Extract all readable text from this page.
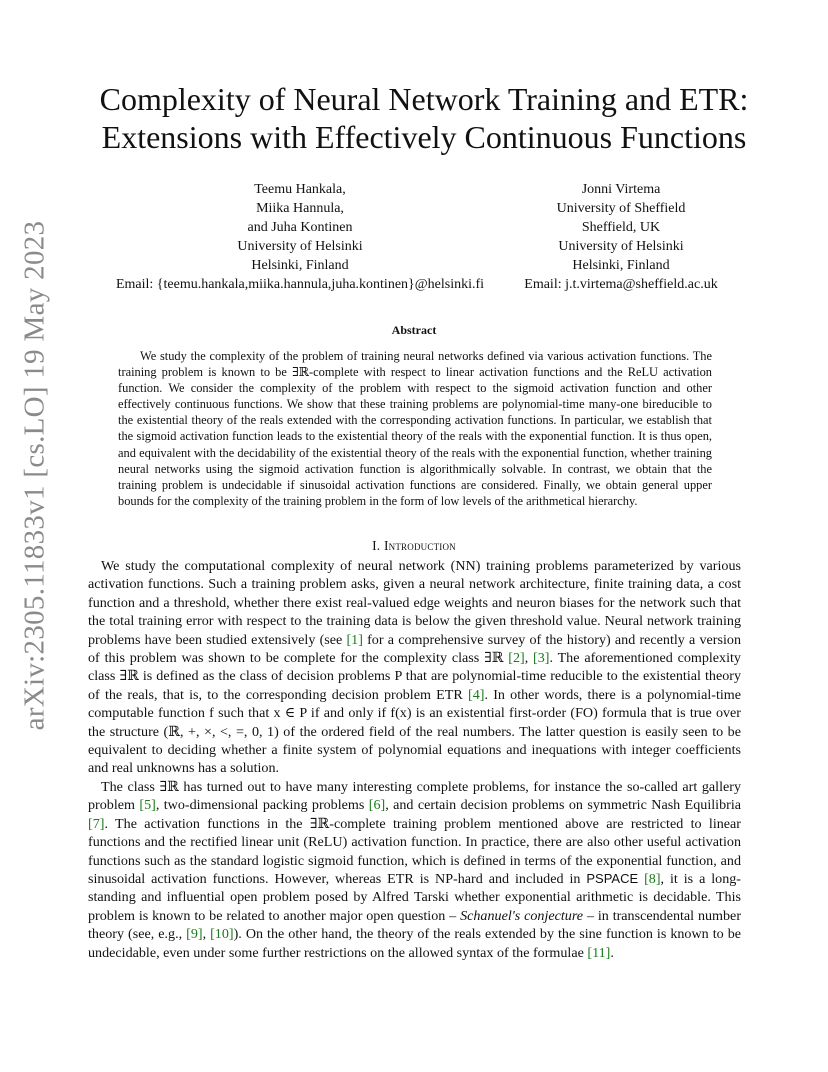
arXiv:2305.11833v1 [cs.LO] 19 May 2023
Complexity of Neural Network Training and ETR:
Extensions with Effectively Continuous Functions
Teemu Hankala,
Miika Hannula,
and Juha Kontinen
University of Helsinki
Helsinki, Finland
Email: {teemu.hankala,miika.hannula,juha.kontinen}@helsinki.fi
Jonni Virtema
University of Sheffield
Sheffield, UK
University of Helsinki
Helsinki, Finland
Email: j.t.virtema@sheffield.ac.uk
Abstract

We study the complexity of the problem of training neural networks defined via various activation functions. The training problem is known to be ∃ℝ-complete with respect to linear activation functions and the ReLU activation function. We consider the complexity of the problem with respect to the sigmoid activation function and other effectively continuous functions. We show that these training problems are polynomial-time many-one bireducible to the existential theory of the reals extended with the corresponding activation functions. In particular, we establish that the sigmoid activation function leads to the existential theory of the reals with the exponential function. It is thus open, and equivalent with the decidability of the existential theory of the reals with the exponential function, whether training neural networks using the sigmoid activation function is algorithmically solvable. In contrast, we obtain that the training problem is undecidable if sinusoidal activation functions are considered. Finally, we obtain general upper bounds for the complexity of the training problem in the form of low levels of the arithmetical hierarchy.

I. Introduction

We study the computational complexity of neural network (NN) training problems parameterized by various activation functions. Such a training problem asks, given a neural network architecture, finite training data, a cost function and a threshold, whether there exist real-valued edge weights and neuron biases for the network such that the total training error with respect to the training data is below the given threshold value. Neural network training problems have been studied extensively (see [1] for a comprehensive survey of the history) and recently a version of this problem was shown to be complete for the complexity class ∃ℝ [2], [3]. The aforementioned complexity class ∃ℝ is defined as the class of decision problems P that are polynomial-time reducible to the existential theory of the reals, that is, to the corresponding decision problem ETR [4]. In other words, there is a polynomial-time computable function f such that x ∈ P if and only if f(x) is an existential first-order (FO) formula that is true over the structure (ℝ, +, ×, <, =, 0, 1) of the ordered field of the real numbers. The latter question is easily seen to be equivalent to deciding whether a finite system of polynomial equations and inequations with integer coefficients and real unknowns has a solution.

The class ∃ℝ has turned out to have many interesting complete problems, for instance the so-called art gallery problem [5], two-dimensional packing problems [6], and certain decision problems on symmetric Nash Equilibria [7]. The activation functions in the ∃ℝ-complete training problem mentioned above are restricted to linear functions and the rectified linear unit (ReLU) activation function. In practice, there are also other useful activation functions such as the standard logistic sigmoid function, which is defined in terms of the exponential function, and sinusoidal activation functions. However, whereas ETR is NP-hard and included in PSPACE [8], it is a long-standing and influential open problem posed by Alfred Tarski whether exponential arithmetic is decidable. This problem is known to be related to another major open question – Schanuel's conjecture – in transcendental number theory (see, e.g., [9], [10]). On the other hand, the theory of the reals extended by the sine function is known to be undecidable, even under some further restrictions on the allowed syntax of the formulae [11].
